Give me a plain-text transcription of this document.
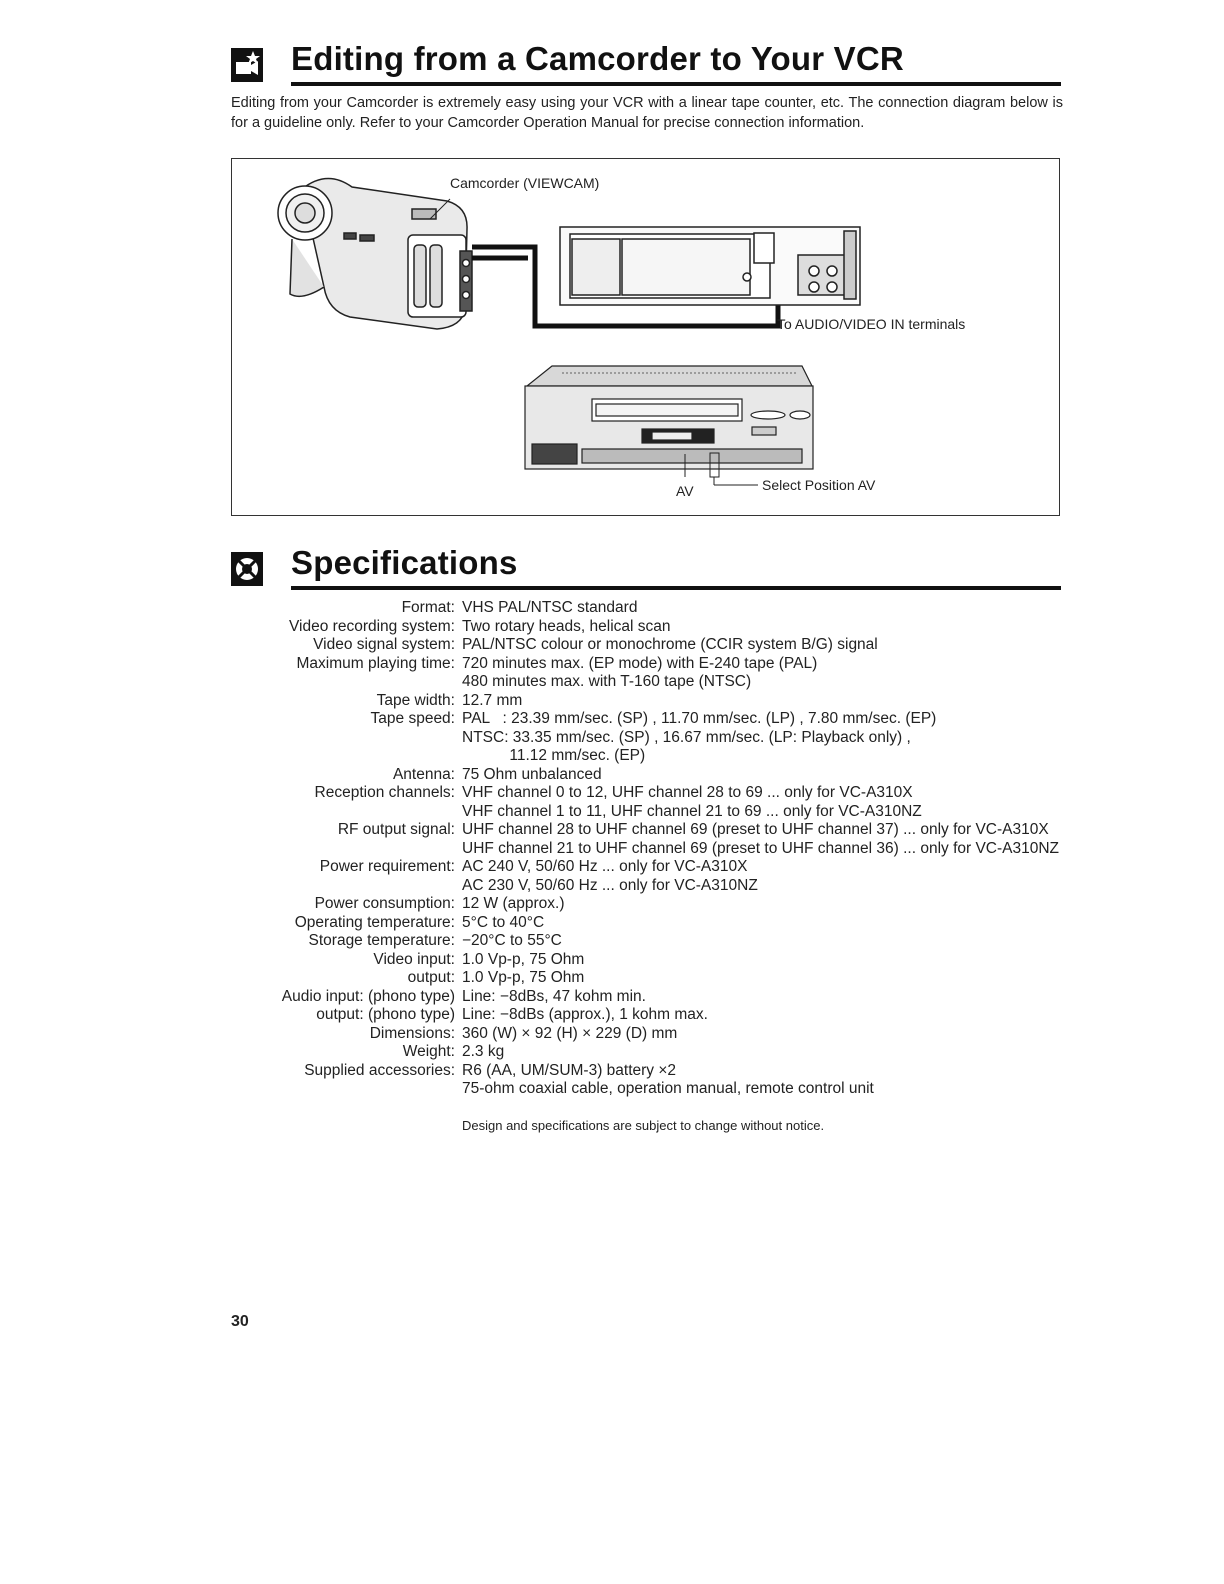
Editing from a Camcorder to Your VCR

Editing from your Camcorder is extremely easy using your VCR with a linear tape counter, etc. The connection diagram below is for a guideline only. Refer to your Camcorder Operation Manual for precise connection information.

Camcorder (VIEWCAM)
To AUDIO/VIDEO IN terminals
AV	Select Position AV
Specifications
Format:	VHS PAL/NTSC standard
Video recording system:	Two rotary heads, helical scan
Video signal system:	PAL/NTSC colour or monochrome (CCIR system B/G) signal
Maximum playing time:	720 minutes max. (EP mode) with E-240 tape (PAL)
	480 minutes max. with T-160 tape (NTSC)
Tape width:	12.7 mm
Tape speed:	PAL   : 23.39 mm/sec. (SP) , 11.70 mm/sec. (LP) , 7.80 mm/sec. (EP)
	NTSC: 33.35 mm/sec. (SP) , 16.67 mm/sec. (LP: Playback only) ,
	11.12 mm/sec. (EP)
Antenna:	75 Ohm unbalanced
Reception channels:	VHF channel 0 to 12, UHF channel 28 to 69 ... only for VC-A310X
	VHF channel 1 to 11, UHF channel 21 to 69 ... only for VC-A310NZ
RF output signal:	UHF channel 28 to UHF channel 69 (preset to UHF channel 37) ... only for VC-A310X
	UHF channel 21 to UHF channel 69 (preset to UHF channel 36) ... only for VC-A310NZ
Power requirement:	AC 240 V, 50/60 Hz ... only for VC-A310X
	AC 230 V, 50/60 Hz ... only for VC-A310NZ
Power consumption:	12 W (approx.)
Operating temperature:	5°C to 40°C
Storage temperature:	−20°C to 55°C
Video input:	1.0 Vp-p, 75 Ohm
output:	1.0 Vp-p, 75 Ohm
Audio input: (phono type)	Line: −8dBs, 47 kohm min.
output: (phono type)	Line: −8dBs (approx.), 1 kohm max.
Dimensions:	360 (W) × 92 (H) × 229 (D) mm
Weight:	2.3 kg
Supplied accessories:	R6 (AA, UM/SUM-3) battery ×2
	75-ohm coaxial cable, operation manual, remote control unit
Design and specifications are subject to change without notice.
30
